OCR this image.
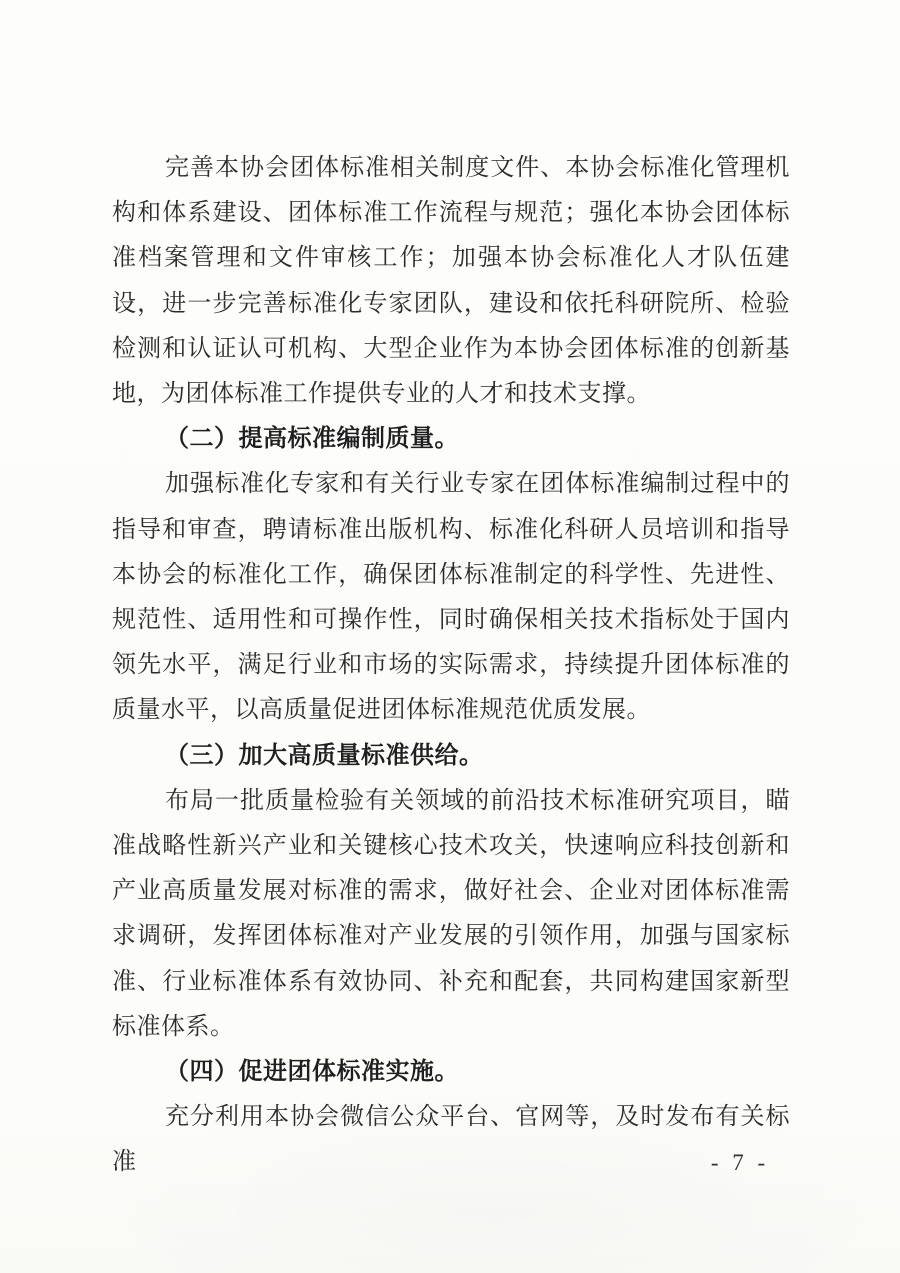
完善本协会团体标准相关制度文件、本协会标准化管理机构和体系建设、团体标准工作流程与规范；强化本协会团体标准档案管理和文件审核工作；加强本协会标准化人才队伍建设，进一步完善标准化专家团队，建设和依托科研院所、检验检测和认证认可机构、大型企业作为本协会团体标准的创新基地，为团体标准工作提供专业的人才和技术支撑。

（二）提高标准编制质量。

加强标准化专家和有关行业专家在团体标准编制过程中的指导和审查，聘请标准出版机构、标准化科研人员培训和指导本协会的标准化工作，确保团体标准制定的科学性、先进性、规范性、适用性和可操作性，同时确保相关技术指标处于国内领先水平，满足行业和市场的实际需求，持续提升团体标准的质量水平，以高质量促进团体标准规范优质发展。

（三）加大高质量标准供给。

布局一批质量检验有关领域的前沿技术标准研究项目，瞄准战略性新兴产业和关键核心技术攻关，快速响应科技创新和产业高质量发展对标准的需求，做好社会、企业对团体标准需求调研，发挥团体标准对产业发展的引领作用，加强与国家标准、行业标准体系有效协同、补充和配套，共同构建国家新型标准体系。

（四）促进团体标准实施。

充分利用本协会微信公众平台、官网等，及时发布有关标准	- 7 -
